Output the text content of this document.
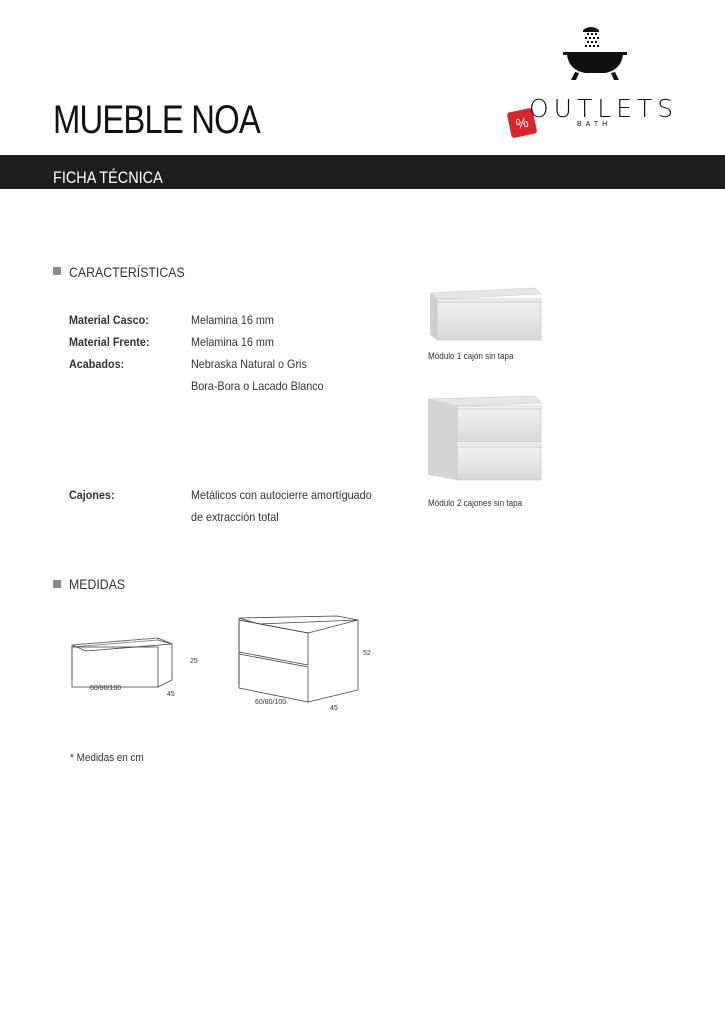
MUEBLE NOA	%
OUTLETS
BATH
FICHA TÉCNICA
CARACTERÍSTICAS
Material Casco:	Melamina 16 mm
Material Frente:	Melamina 16 mm
Acabados:	Nebraska Natural o Gris
Bora-Bora o Lacado Blanco
Cajones:	Metálicos con autocierre amortíguado
de extracción total
Módulo 1 cajón sin tapa
Módulo 2 cajones sin tapa
MEDIDAS
25
60/80/100
45
52
60/80/100
45
* Medidas en cm
